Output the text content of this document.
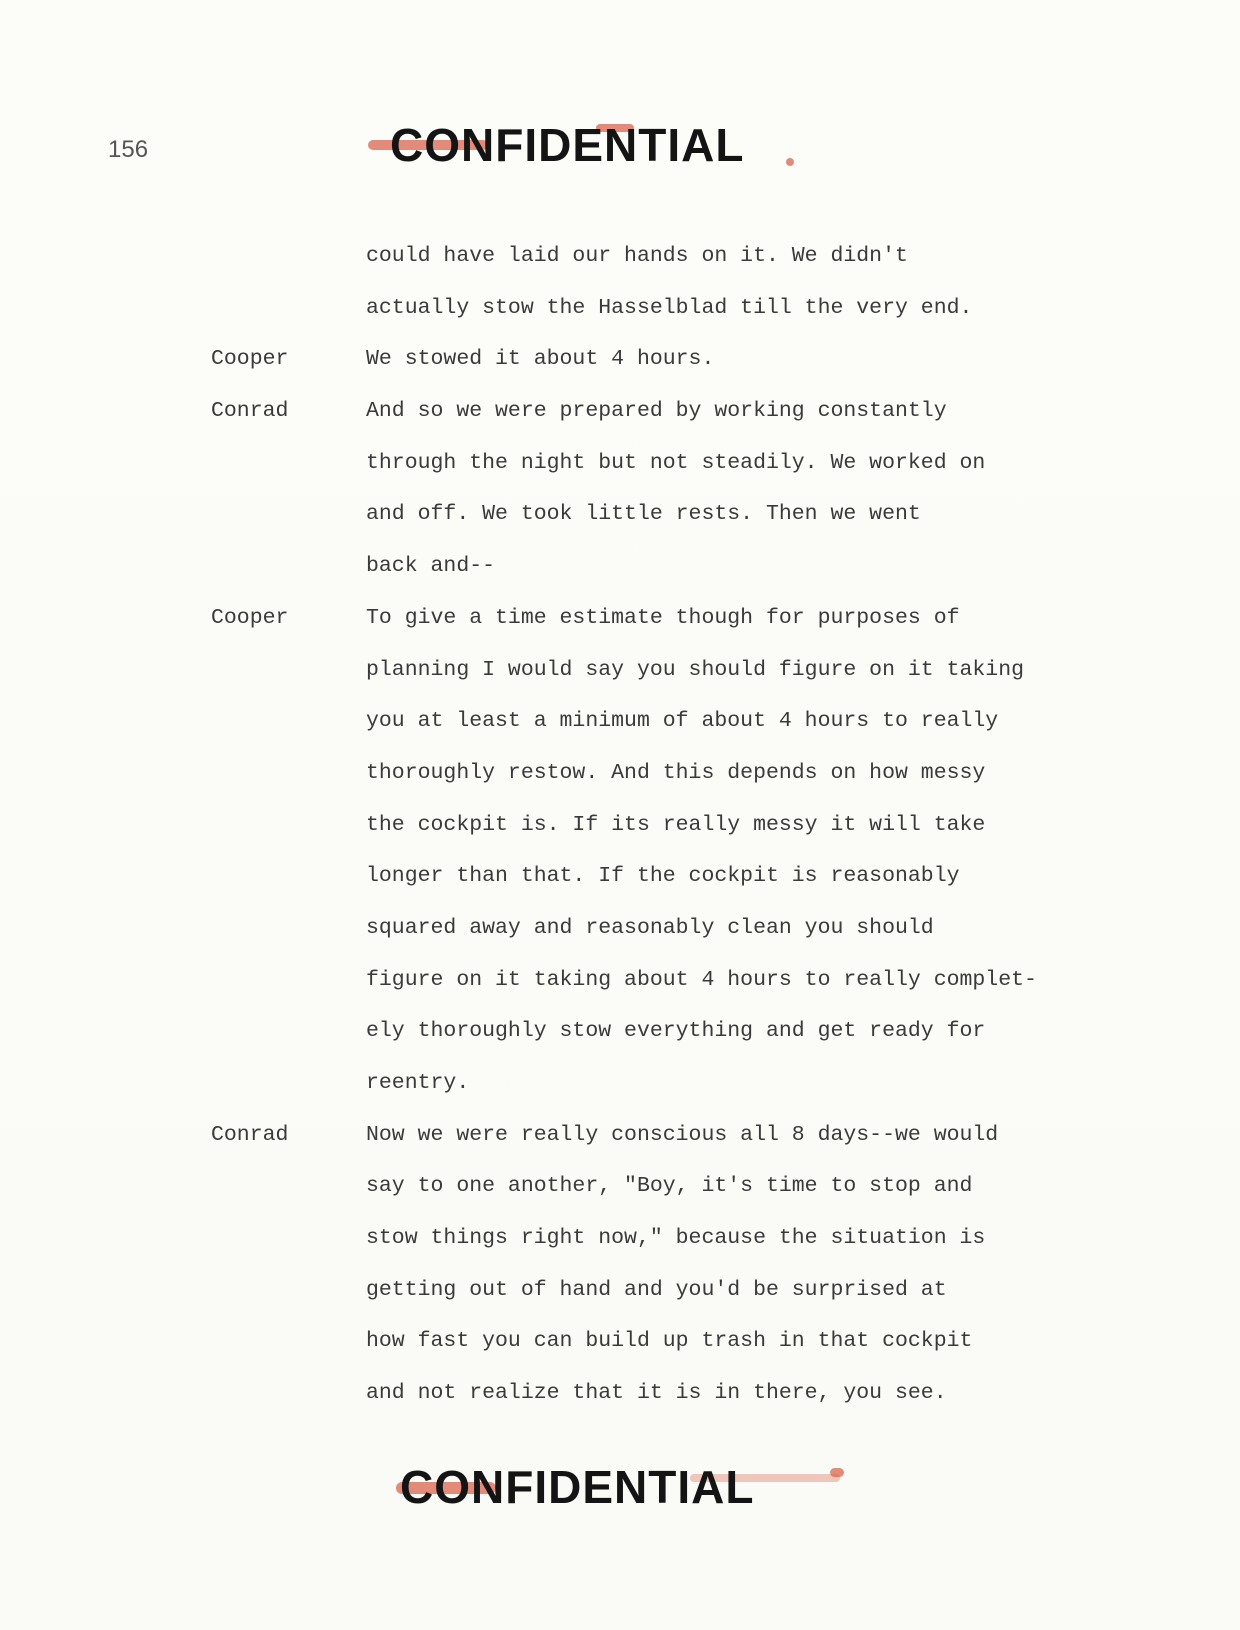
156	CONFIDENTIAL
could have laid our hands on it. We didn't
actually stow the Hasselblad till the very end.
Cooper	We stowed it about 4 hours.
Conrad	And so we were prepared by working constantly
through the night but not steadily. We worked on
and off. We took little rests. Then we went
back and--
Cooper	To give a time estimate though for purposes of
planning I would say you should figure on it taking
you at least a minimum of about 4 hours to really
thoroughly restow. And this depends on how messy
the cockpit is. If its really messy it will take
longer than that. If the cockpit is reasonably
squared away and reasonably clean you should
figure on it taking about 4 hours to really complet-
ely thoroughly stow everything and get ready for
reentry.
Conrad	Now we were really conscious all 8 days--we would
say to one another, "Boy, it's time to stop and
stow things right now," because the situation is
getting out of hand and you'd be surprised at
how fast you can build up trash in that cockpit
and not realize that it is in there, you see.
CONFIDENTIAL
